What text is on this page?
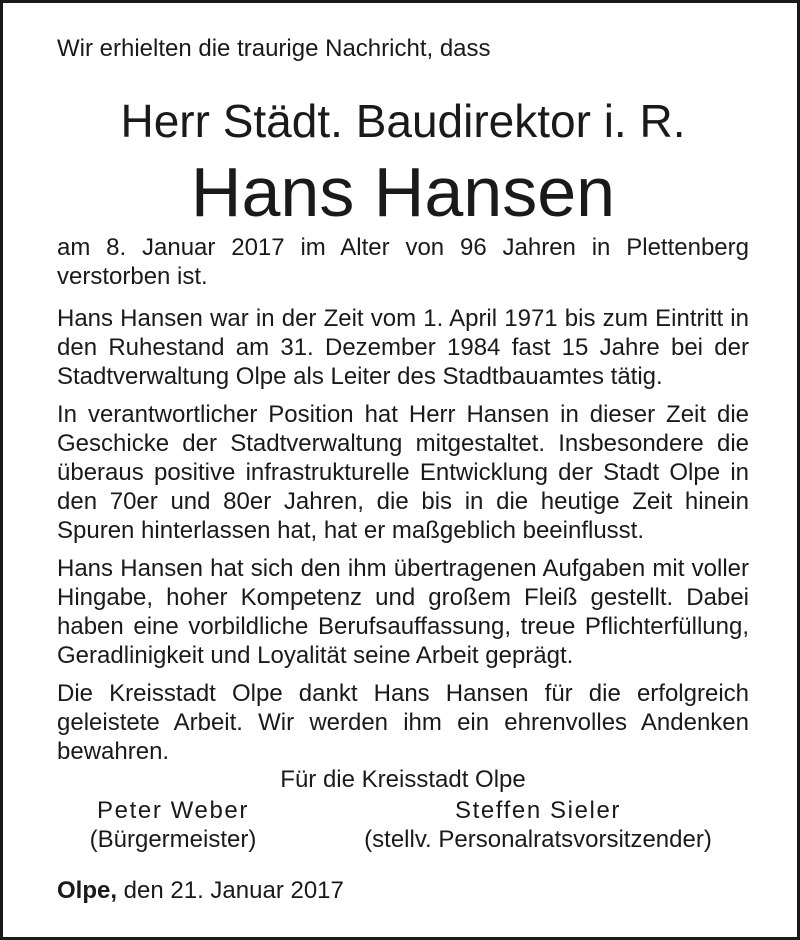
Wir erhielten die traurige Nachricht, dass
Herr Städt. Baudirektor i. R.
Hans Hansen

am 8. Januar 2017 im Alter von 96 Jahren in Plettenberg verstorben ist.

Hans Hansen war in der Zeit vom 1. April 1971 bis zum Eintritt in den Ruhestand am 31. Dezember 1984 fast 15 Jahre bei der Stadtverwaltung Olpe als Leiter des Stadtbauamtes tätig.

In verantwortlicher Position hat Herr Hansen in dieser Zeit die Geschicke der Stadtverwaltung mitgestaltet. Insbesondere die überaus positive infrastrukturelle Entwicklung der Stadt Olpe in den 70er und 80er Jahren, die bis in die heutige Zeit hinein Spuren hinterlassen hat, hat er maßgeblich beeinflusst.

Hans Hansen hat sich den ihm übertragenen Aufgaben mit voller Hingabe, hoher Kompetenz und großem Fleiß gestellt. Dabei haben eine vorbildliche Berufsauffassung, treue Pflichterfüllung, Geradlinigkeit und Loyalität seine Arbeit geprägt.

Die Kreisstadt Olpe dankt Hans Hansen für die erfolgreich geleistete Arbeit. Wir werden ihm ein ehrenvolles Andenken bewahren.

Für die Kreisstadt Olpe
Peter Weber
(Bürgermeister)
Steffen Sieler
(stellv. Personalratsvorsitzender)
Olpe, den 21. Januar 2017
